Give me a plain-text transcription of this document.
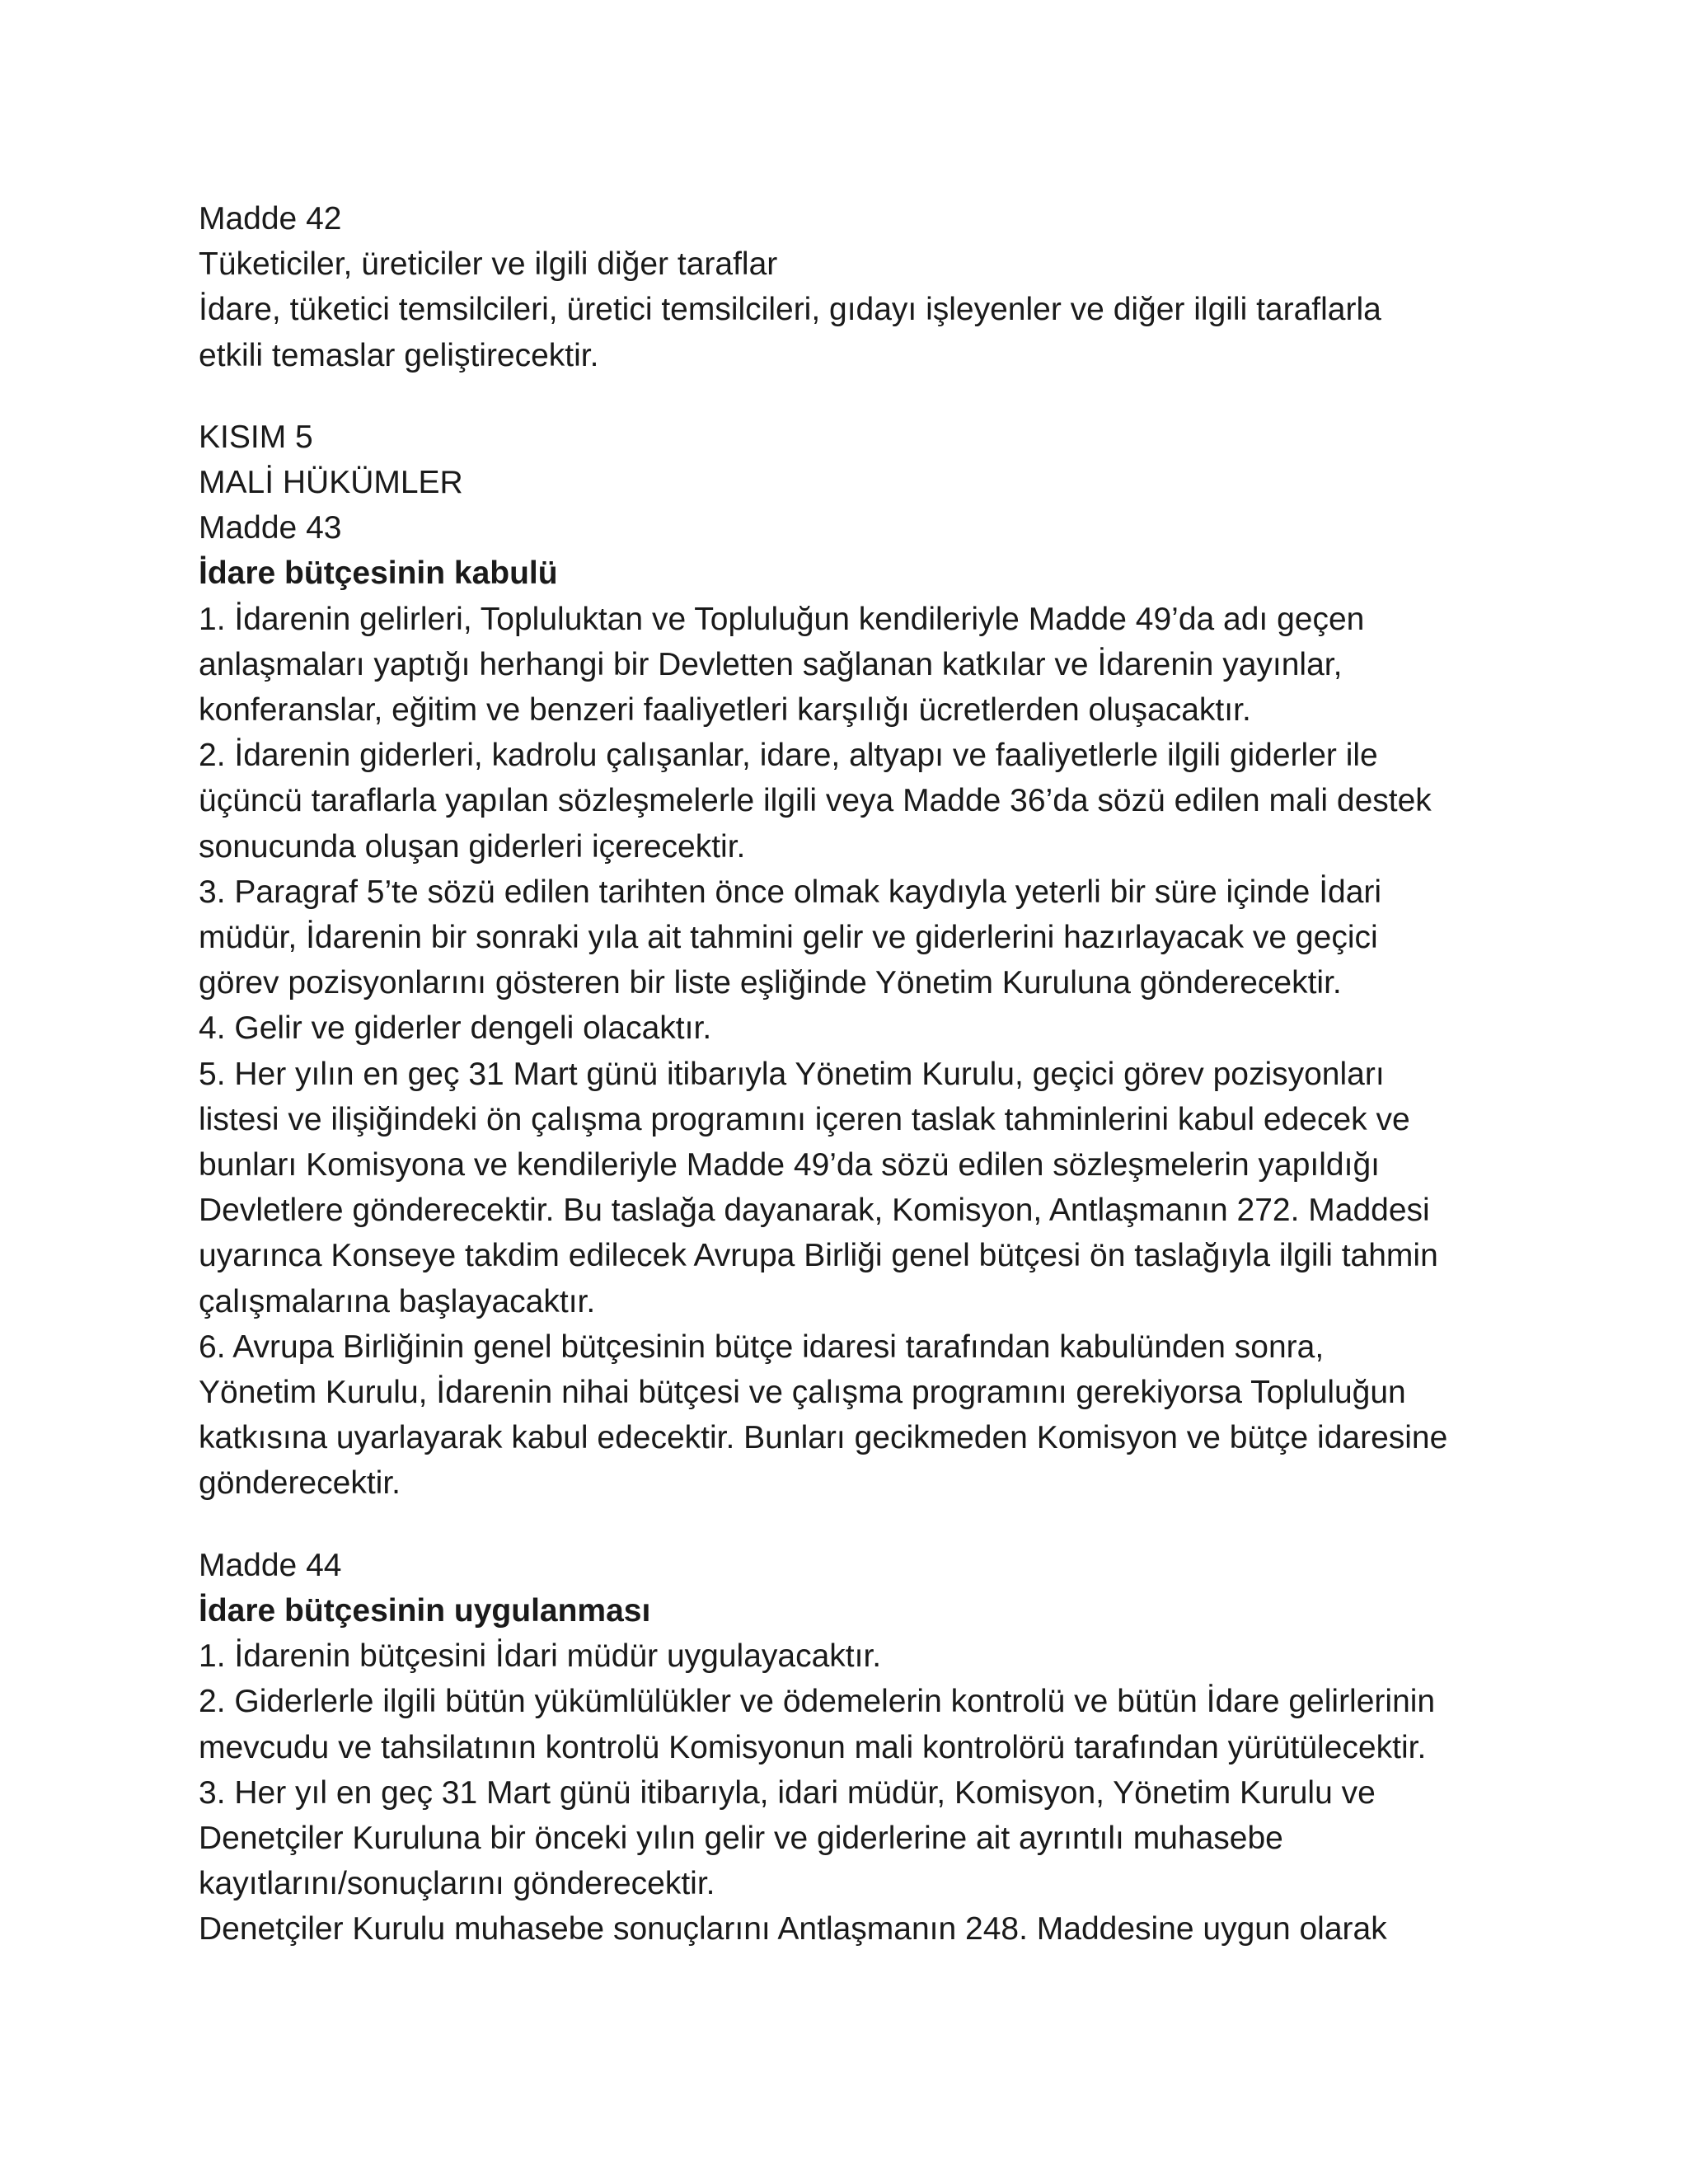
Madde 42

Tüketiciler, üreticiler ve ilgili diğer taraflar

İdare, tüketici temsilcileri, üretici temsilcileri, gıdayı işleyenler ve diğer ilgili taraflarla

etkili temaslar geliştirecektir.

KISIM 5

MALİ HÜKÜMLER

Madde 43

İdare bütçesinin kabulü

1. İdarenin gelirleri, Topluluktan ve Topluluğun kendileriyle Madde 49’da adı geçen

anlaşmaları yaptığı herhangi bir Devletten sağlanan katkılar ve İdarenin yayınlar,

konferanslar, eğitim ve benzeri faaliyetleri karşılığı ücretlerden oluşacaktır.

2. İdarenin giderleri, kadrolu çalışanlar, idare, altyapı ve faaliyetlerle ilgili giderler ile

üçüncü taraflarla yapılan sözleşmelerle ilgili veya Madde 36’da sözü edilen mali destek

sonucunda oluşan giderleri içerecektir.

3. Paragraf 5’te sözü edilen tarihten önce olmak kaydıyla yeterli bir süre içinde İdari

müdür, İdarenin bir sonraki yıla ait tahmini gelir ve giderlerini hazırlayacak ve geçici

görev pozisyonlarını gösteren bir liste eşliğinde Yönetim Kuruluna gönderecektir.

4. Gelir ve giderler dengeli olacaktır.

5. Her yılın en geç 31 Mart günü itibarıyla Yönetim Kurulu, geçici görev pozisyonları

listesi ve ilişiğindeki ön çalışma programını içeren taslak tahminlerini kabul edecek ve

bunları Komisyona ve kendileriyle Madde 49’da sözü edilen sözleşmelerin yapıldığı

Devletlere gönderecektir. Bu taslağa dayanarak, Komisyon, Antlaşmanın 272. Maddesi

uyarınca Konseye takdim edilecek Avrupa Birliği genel bütçesi ön taslağıyla ilgili tahmin

çalışmalarına başlayacaktır.

6. Avrupa Birliğinin genel bütçesinin bütçe idaresi tarafından kabulünden sonra,

Yönetim Kurulu, İdarenin nihai bütçesi ve çalışma programını gerekiyorsa Topluluğun

katkısına uyarlayarak kabul edecektir. Bunları gecikmeden Komisyon ve bütçe idaresine

gönderecektir.

Madde 44

İdare bütçesinin uygulanması

1. İdarenin bütçesini İdari müdür uygulayacaktır.

2. Giderlerle ilgili bütün yükümlülükler ve ödemelerin kontrolü ve bütün İdare gelirlerinin

mevcudu ve tahsilatının kontrolü Komisyonun mali kontrolörü tarafından yürütülecektir.

3. Her yıl en geç 31 Mart günü itibarıyla, idari müdür, Komisyon, Yönetim Kurulu ve

Denetçiler Kuruluna bir önceki yılın gelir ve giderlerine ait ayrıntılı muhasebe

kayıtlarını/sonuçlarını gönderecektir.

Denetçiler Kurulu muhasebe sonuçlarını Antlaşmanın 248. Maddesine uygun olarak
